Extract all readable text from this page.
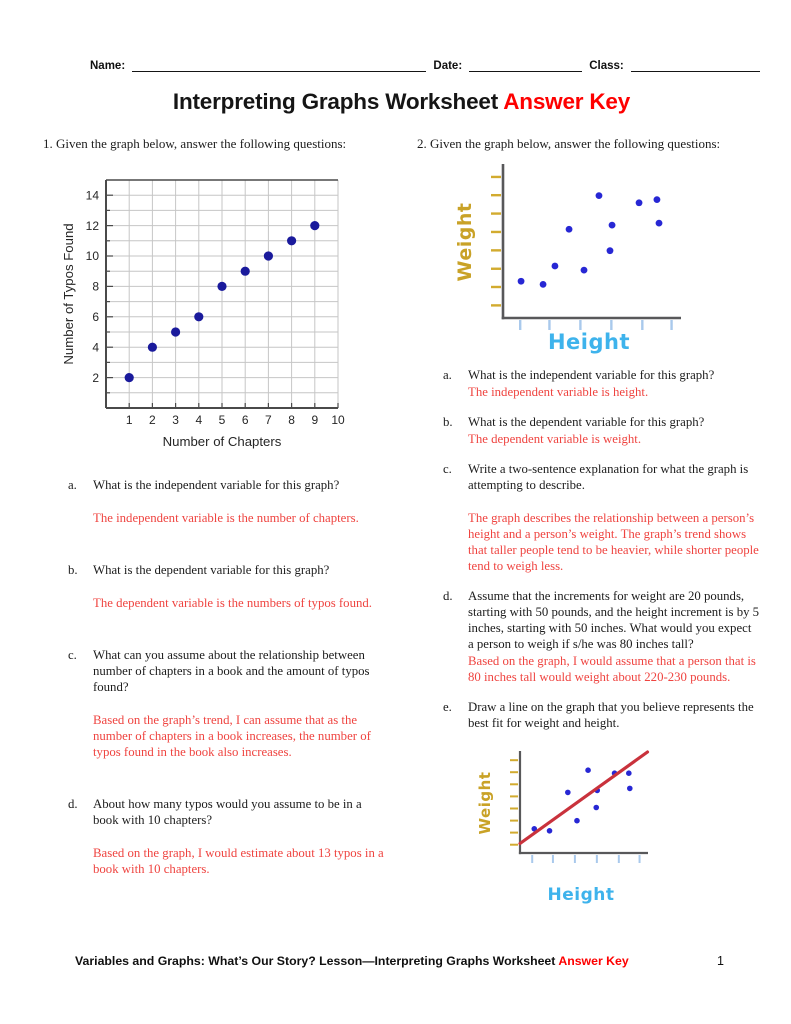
Name:	Date:	Class:
Interpreting Graphs Worksheet Answer Key
1. Given the graph below, answer the following questions:
1 2 3 4 5 6 7 8 9 10
2
4
6
8
10
12
14
Number of Chapters
Number of Typos Found
a.	What is the independent variable for this graph?
The independent variable is the number of chapters.
b.	What is the dependent variable for this graph?
The dependent variable is the numbers of typos found.
c.	What can you assume about the relationship between number of chapters in a book and the amount of typos found?
Based on the graph’s trend, I can assume that as the number of chapters in a book increases, the number of typos found in the book also increases.
d.	About how many typos would you assume to be in a book with 10 chapters?
Based on the graph, I would estimate about 13 typos in a book with 10 chapters.
2. Given the graph below, answer the following questions:
Weight
Height
a.	What is the independent variable for this graph?
The independent variable is height.
b.	What is the dependent variable for this graph?
The dependent variable is weight.
c.	Write a two-sentence explanation for what the graph is attempting to describe.
The graph describes the relationship between a person’s height and a person’s weight. The graph’s trend shows that taller people tend to be heavier, while shorter people tend to weigh less.
d.	Assume that the increments for weight are 20 pounds, starting with 50 pounds, and the height increment is by 5 inches, starting with 50 inches. What would you expect a person to weigh if s/he was 80 inches tall?
Based on the graph, I would assume that a person that is 80 inches tall would weight about 220-230 pounds.
e.	Draw a line on the graph that you believe represents the best fit for weight and height.
Weight
Height
Variables and Graphs: What’s Our Story? Lesson—Interpreting Graphs Worksheet Answer Key	1
